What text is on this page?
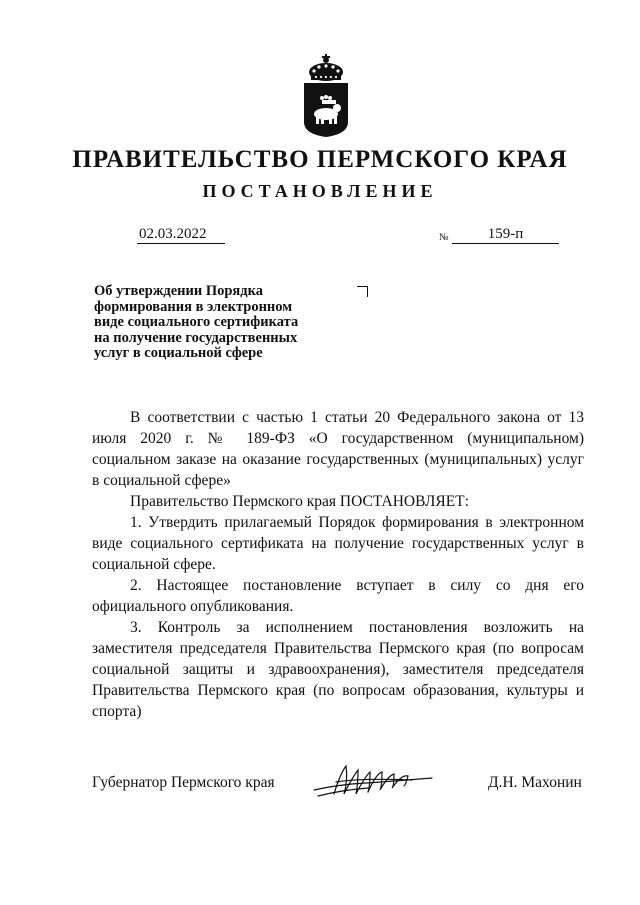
ПРАВИТЕЛЬСТВО ПЕРМСКОГО КРАЯ
ПОСТАНОВЛЕНИЕ
02.03.2022	№	159-п
Об утверждении Порядка
формирования в электронном
виде социального сертификата
на получение государственных
услуг в социальной сфере

В соответствии с частью 1 статьи 20 Федерального закона от 13 июля 2020 г. № 189-ФЗ «О государственном (муниципальном) социальном заказе на оказание государственных (муниципальных) услуг в социальной сфере»

Правительство Пермского края ПОСТАНОВЛЯЕТ:

1. Утвердить прилагаемый Порядок формирования в электронном виде социального сертификата на получение государственных услуг в социальной сфере.

2. Настоящее постановление вступает в силу со дня его официального опубликования.

3. Контроль за исполнением постановления возложить на заместителя председателя Правительства Пермского края (по вопросам социальной защиты и здравоохранения), заместителя председателя Правительства Пермского края (по вопросам образования, культуры и спорта)

Губернатор Пермского края	Д.Н. Махонин
